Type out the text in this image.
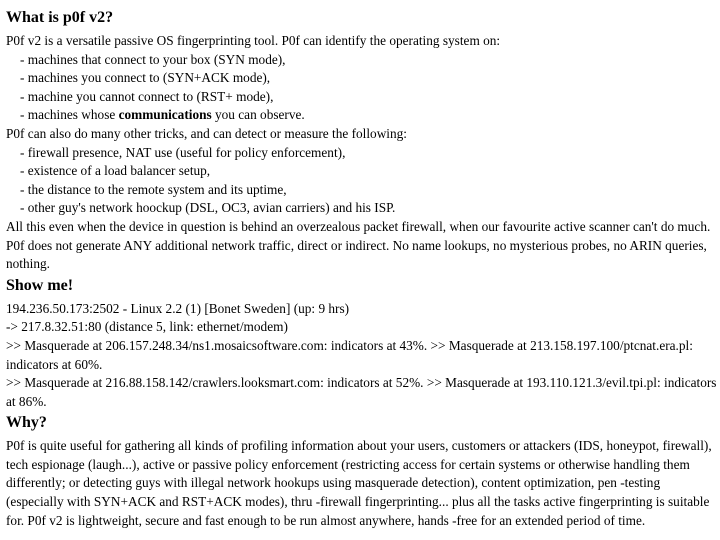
What is p0f v2?

P0f v2 is a versatile passive OS fingerprinting tool. P0f can identify the operating system on:

- machines that connect to your box (SYN mode),

- machines you connect to (SYN+ACK mode),

- machine you cannot connect to (RST+ mode),

- machines whose communications you can observe.

P0f can also do many other tricks, and can detect or measure the following:

- firewall presence, NAT use (useful for policy enforcement),

- existence of a load balancer setup,

- the distance to the remote system and its uptime,

- other guy's network hoockup (DSL, OC3, avian carriers) and his ISP.

All this even when the device in question is behind an overzealous packet firewall, when our favourite active scanner can't do much. P0f does not generate ANY additional network traffic, direct or indirect. No name lookups, no mysterious probes, no ARIN queries, nothing.

Show me!

194.236.50.173:2502 - Linux 2.2 (1) [Bonet Sweden] (up: 9 hrs)

-> 217.8.32.51:80 (distance 5, link: ethernet/modem)

>> Masquerade at 206.157.248.34/ns1.mosaicsoftware.com: indicators at 43%. >> Masquerade at 213.158.197.100/ptcnat.era.pl: indicators at 60%.

>> Masquerade at 216.88.158.142/crawlers.looksmart.com: indicators at 52%. >> Masquerade at 193.110.121.3/evil.tpi.pl: indicators at 86%.

Why?

P0f is quite useful for gathering all kinds of profiling information about your users, customers or attackers (IDS, honeypot, firewall), tech espionage (laugh...), active or passive policy enforcement (restricting access for certain systems or otherwise handling them differently; or detecting guys with illegal network hookups using masquerade detection), content optimization, pen -testing (especially with SYN+ACK and RST+ACK modes), thru -firewall fingerprinting... plus all the tasks active fingerprinting is suitable for. P0f v2 is lightweight, secure and fast enough to be run almost anywhere, hands -free for an extended period of time.
